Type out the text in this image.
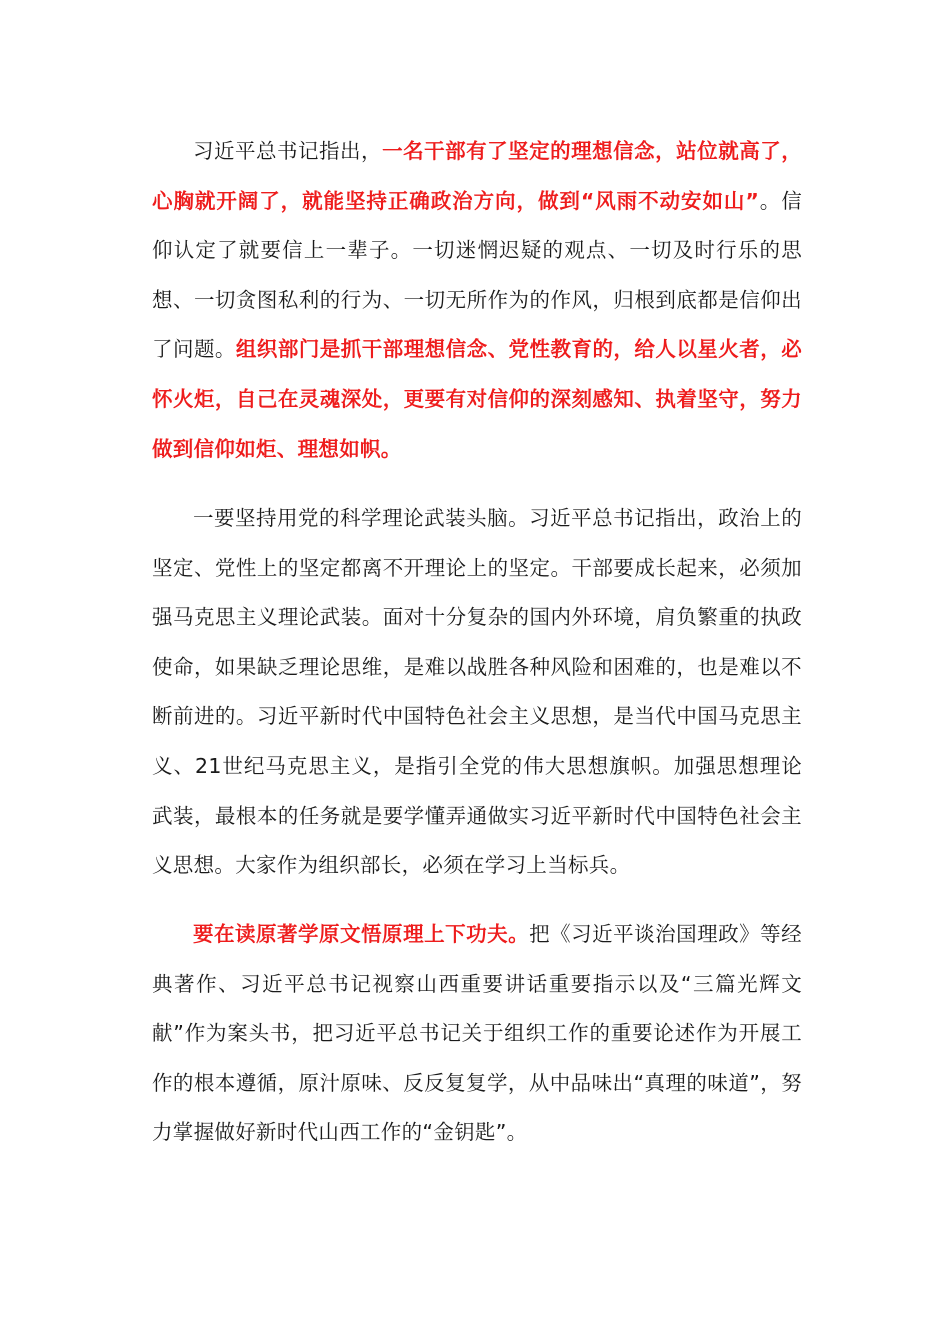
习近平总书记指出，一名干部有了坚定的理想信念，站位就高了，心胸就开阔了，就能坚持正确政治方向，做到“风雨不动安如山”。信仰认定了就要信上一辈子。一切迷惘迟疑的观点、一切及时行乐的思想、一切贪图私利的行为、一切无所作为的作风，归根到底都是信仰出了问题。组织部门是抓干部理想信念、党性教育的，给人以星火者，必怀火炬，自己在灵魂深处，更要有对信仰的深刻感知、执着坚守，努力做到信仰如炬、理想如帜。

一要坚持用党的科学理论武装头脑。习近平总书记指出，政治上的坚定、党性上的坚定都离不开理论上的坚定。干部要成长起来，必须加强马克思主义理论武装。面对十分复杂的国内外环境，肩负繁重的执政使命，如果缺乏理论思维，是难以战胜各种风险和困难的，也是难以不断前进的。习近平新时代中国特色社会主义思想，是当代中国马克思主义、21世纪马克思主义，是指引全党的伟大思想旗帜。加强思想理论武装，最根本的任务就是要学懂弄通做实习近平新时代中国特色社会主义思想。大家作为组织部长，必须在学习上当标兵。

要在读原著学原文悟原理上下功夫。把《习近平谈治国理政》等经典著作、习近平总书记视察山西重要讲话重要指示以及“三篇光辉文献”作为案头书，把习近平总书记关于组织工作的重要论述作为开展工作的根本遵循，原汁原味、反反复复学，从中品味出“真理的味道”，努力掌握做好新时代山西工作的“金钥匙”。
